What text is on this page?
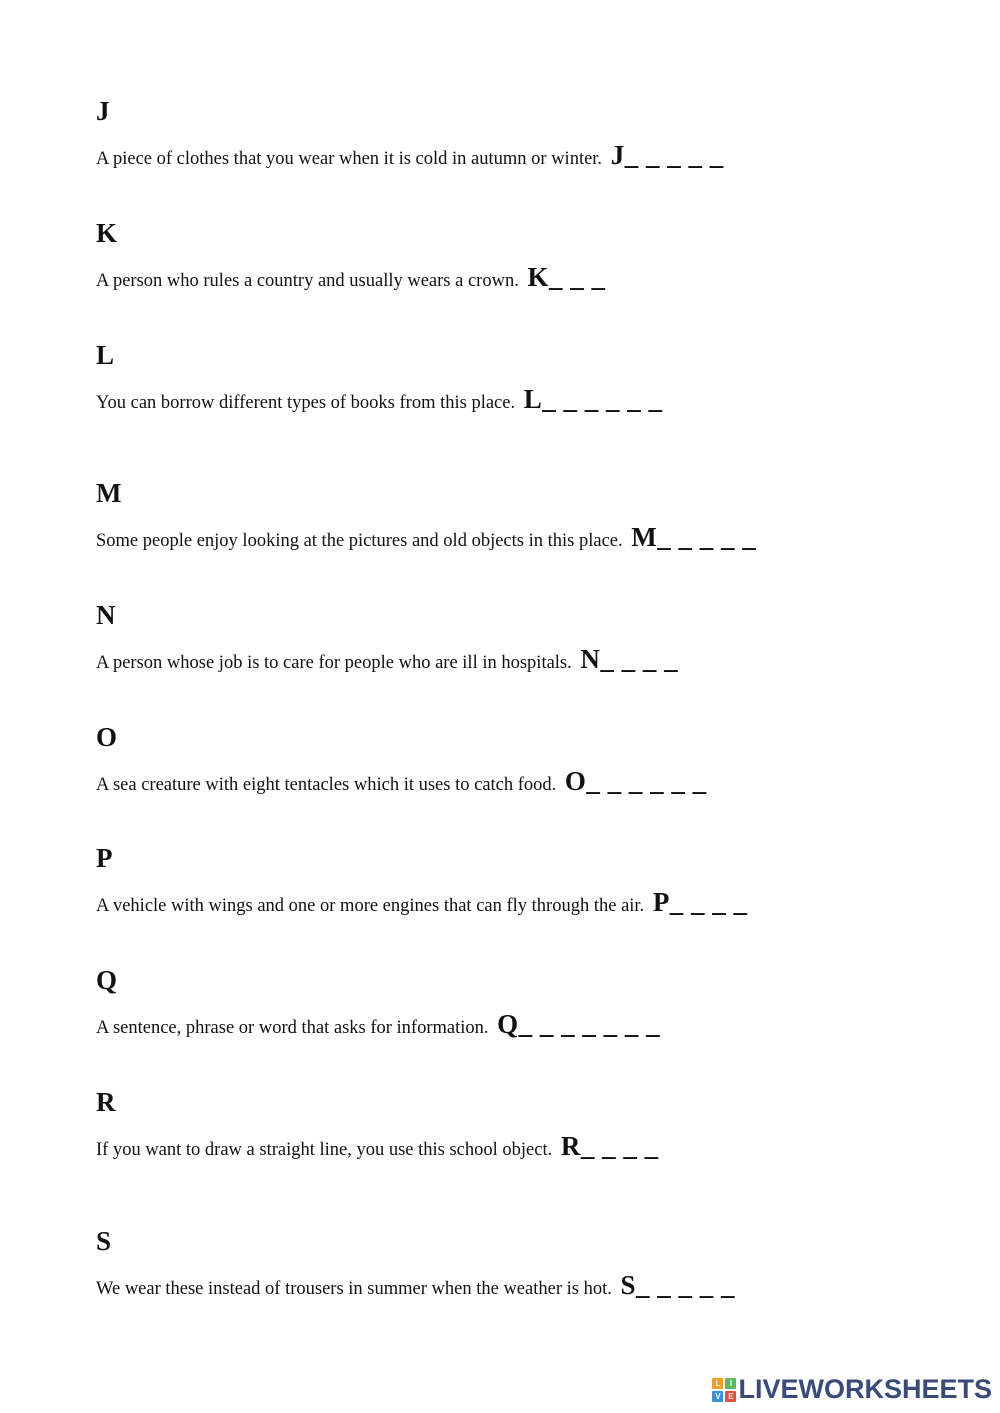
J
A piece of clothes that you wear when it is cold in autumn or winter. J_ _ _ _ _
K
A person who rules a country and usually wears a crown. K_ _ _
L
You can borrow different types of books from this place. L_ _ _ _ _ _
M
Some people enjoy looking at the pictures and old objects in this place. M_ _ _ _ _
N
A person whose job is to care for people who are ill in hospitals. N_ _ _ _
O
A sea creature with eight tentacles which it uses to catch food. O_ _ _ _ _ _
P
A vehicle with wings and one or more engines that can fly through the air. P_ _ _ _
Q
A sentence, phrase or word that asks for information. Q_ _ _ _ _ _ _
R
If you want to draw a straight line, you use this school object. R_ _ _ _
S
We wear these instead of trousers in summer when the weather is hot. S_ _ _ _ _
L	I
V E LIVEWORKSHEETS
